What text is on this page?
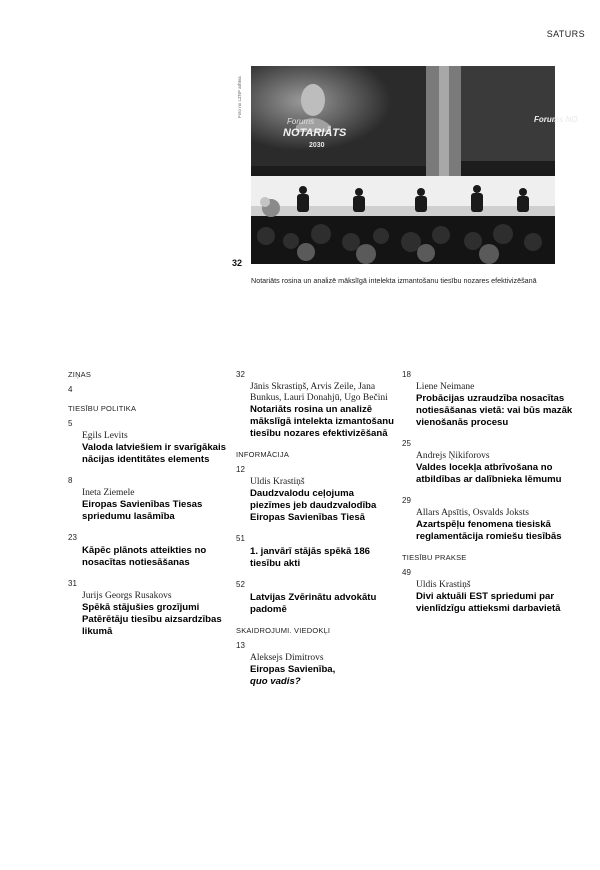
SATURS
Foto no LZNP arhīva
Forums
NOTARIĀTS
2030
Forums NO
32
Notariāts rosina un analizē mākslīgā intelekta izmantošanu tiesību nozares efektivizēšanā
ZIŅAS
4
TIESĪBU POLITIKA
5
Egils Levits
Valoda latviešiem ir svarīgākais nācijas identitātes elements
8
Ineta Ziemele
Eiropas Savienības Tiesas spriedumu lasāmība
23
Kāpēc plānots atteikties no nosacītas notiesāšanas
31
Jurijs Georgs Rusakovs
Spēkā stājušies grozījumi Patērētāju tiesību aizsardzības likumā
32
Jānis Skrastiņš, Arvis Zeile, Jana Bunkus, Lauri Donahjū, Ugo Bečini
Notariāts rosina un analizē mākslīgā intelekta izmantošanu tiesību nozares efektivizēšanā
INFORMĀCIJA
12
Uldis Krastiņš
Daudzvalodu ceļojuma piezīmes jeb daudzvalodība Eiropas Savienības Tiesā
51
1. janvārī stājās spēkā 186 tiesību akti
52
Latvijas Zvērinātu advokātu padomē
SKAIDROJUMI. VIEDOKĻI
13
Aleksejs Dimitrovs
Eiropas Savienība,
quo vadis?
18
Liene Neimane
Probācijas uzraudzība nosacītas notiesāšanas vietā: vai būs mazāk vienošanās procesu
25
Andrejs Ņikiforovs
Valdes locekļa atbrīvošana no atbildības ar dalībnieka lēmumu
29
Allars Apsītis, Osvalds Joksts
Azartspēļu fenomena tiesiskā reglamentācija romiešu tiesībās
TIESĪBU PRAKSE
49
Uldis Krastiņš
Divi aktuāli EST spriedumi par vienlīdzīgu attieksmi darbavietā
